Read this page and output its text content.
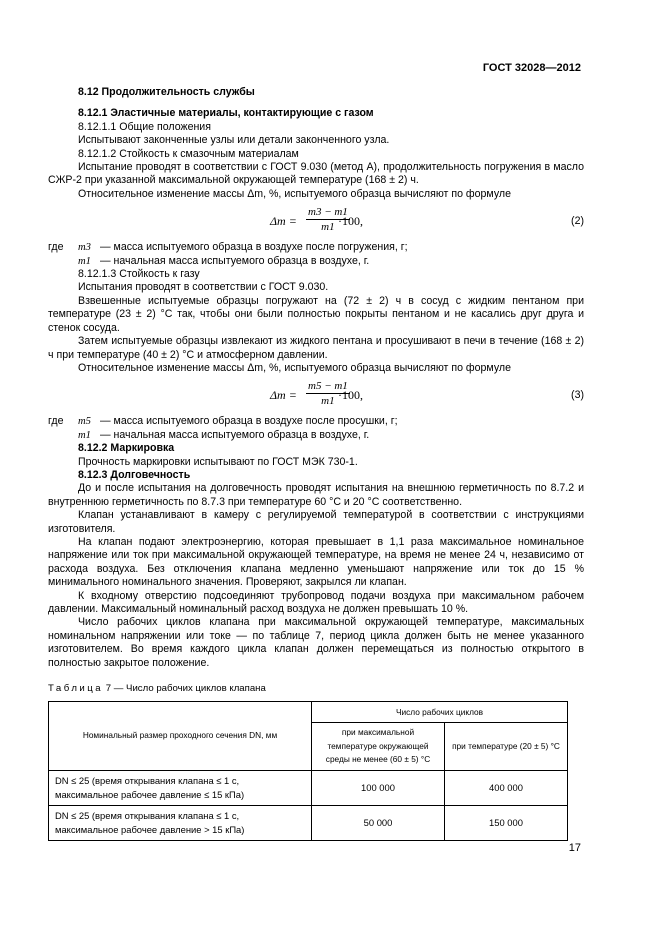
ГОСТ 32028—2012

8.12 Продолжительность службы

8.12.1 Эластичные материалы, контактирующие с газом

8.12.1.1 Общие положения

Испытывают законченные узлы или детали законченного узла.

8.12.1.2 Стойкость к смазочным материалам

Испытание проводят в соответствии с ГОСТ 9.030 (метод А), продолжительность погружения в масло СЖР-2 при указанной максимальной окружающей температуре (168 ± 2) ч.

Относительное изменение массы Δm, %, испытуемого образца вычисляют по формуле

$\Delta m = \frac{m3 - m1}{m1}$
·100,	(2)
где	m3 — масса испытуемого образца в воздухе после погружения, г;
m1 — начальная масса испытуемого образца в воздухе, г.

8.12.1.3 Стойкость к газу

Испытания проводят в соответствии с ГОСТ 9.030.

Взвешенные испытуемые образцы погружают на (72 ± 2) ч в сосуд с жидким пентаном при температуре (23 ± 2) °С так, чтобы они были полностью покрыты пентаном и не касались друг друга и стенок сосуда.

Затем испытуемые образцы извлекают из жидкого пентана и просушивают в печи в течение (168 ± 2) ч при температуре (40 ± 2) °С и атмосферном давлении.

Относительное изменение массы Δm, %, испытуемого образца вычисляют по формуле

$\Delta m = \frac{m5 - m1}{m1}$
·100,	(3)
где	m5 — масса испытуемого образца в воздухе после просушки, г;
m1 — начальная масса испытуемого образца в воздухе, г.

8.12.2 Маркировка

Прочность маркировки испытывают по ГОСТ МЭК 730-1.

8.12.3 Долговечность

До и после испытания на долговечность проводят испытания на внешнюю герметичность по 8.7.2 и внутреннюю герметичность по 8.7.3 при температуре 60 °С и 20 °С соответственно.

Клапан устанавливают в камеру с регулируемой температурой в соответствии с инструкциями изготовителя.

На клапан подают электроэнергию, которая превышает в 1,1 раза максимальное номинальное напряжение или ток при максимальной окружающей температуре, на время не менее 24 ч, независимо от расхода воздуха. Без отключения клапана медленно уменьшают напряжение или ток до 15 % минимального номинального значения. Проверяют, закрылся ли клапан.

К входному отверстию подсоединяют трубопровод подачи воздуха при максимальном рабочем давлении. Максимальный номинальный расход воздуха не должен превышать 10 %.

Число рабочих циклов клапана при максимальной окружающей температуре, максимальных номинальном напряжении или токе — по таблице 7, период цикла должен быть не менее указанного изготовителем. Во время каждого цикла клапан должен перемещаться из полностью открытого в полностью закрытое положение.

Таблица 7 — Число рабочих циклов клапана
Номинальный размер проходного сечения DN, мм	Число рабочих циклов	
	при максимальной температуре окружающей среды не менее (60 ± 5) °С	при температуре (20 ± 5) °С
DN ≤ 25 (время открывания клапана ≤ 1 с, максимальное рабочее давление ≤ 15 кПа)	100 000	400 000
DN ≤ 25 (время открывания клапана ≤ 1 с, максимальное рабочее давление > 15 кПа)	50 000	150 000
17
